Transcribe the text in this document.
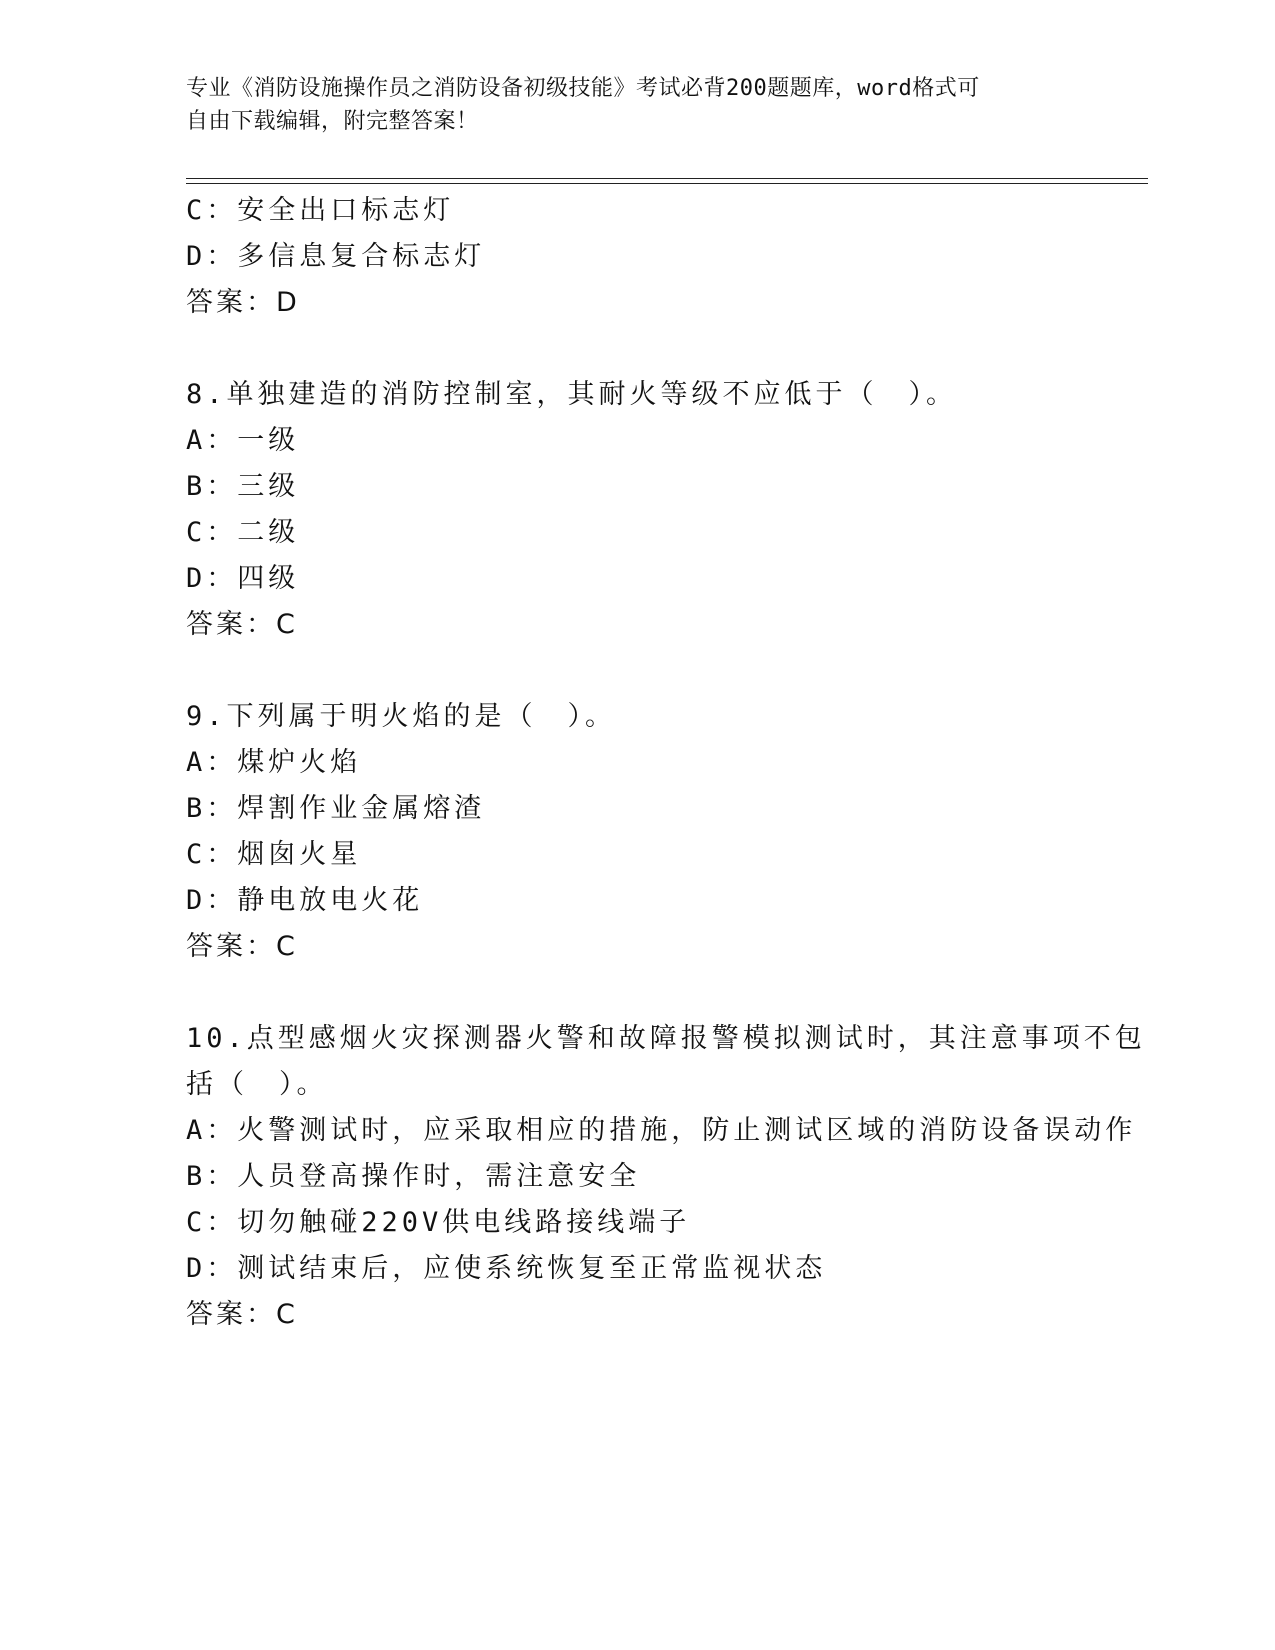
专业《消防设施操作员之消防设备初级技能》考试必背200题题库，word格式可
自由下载编辑，附完整答案！
C：安全出口标志灯
D：多信息复合标志灯
答案：D
8.单独建造的消防控制室，其耐火等级不应低于（　）。
A：一级
B：三级
C：二级
D：四级
答案：C
9.下列属于明火焰的是（　）。
A：煤炉火焰
B：焊割作业金属熔渣
C：烟囱火星
D：静电放电火花
答案：C
10.点型感烟火灾探测器火警和故障报警模拟测试时，其注意事项不包
括（　）。
A：火警测试时，应采取相应的措施，防止测试区域的消防设备误动作
B：人员登高操作时，需注意安全
C：切勿触碰220V供电线路接线端子
D：测试结束后，应使系统恢复至正常监视状态
答案：C
